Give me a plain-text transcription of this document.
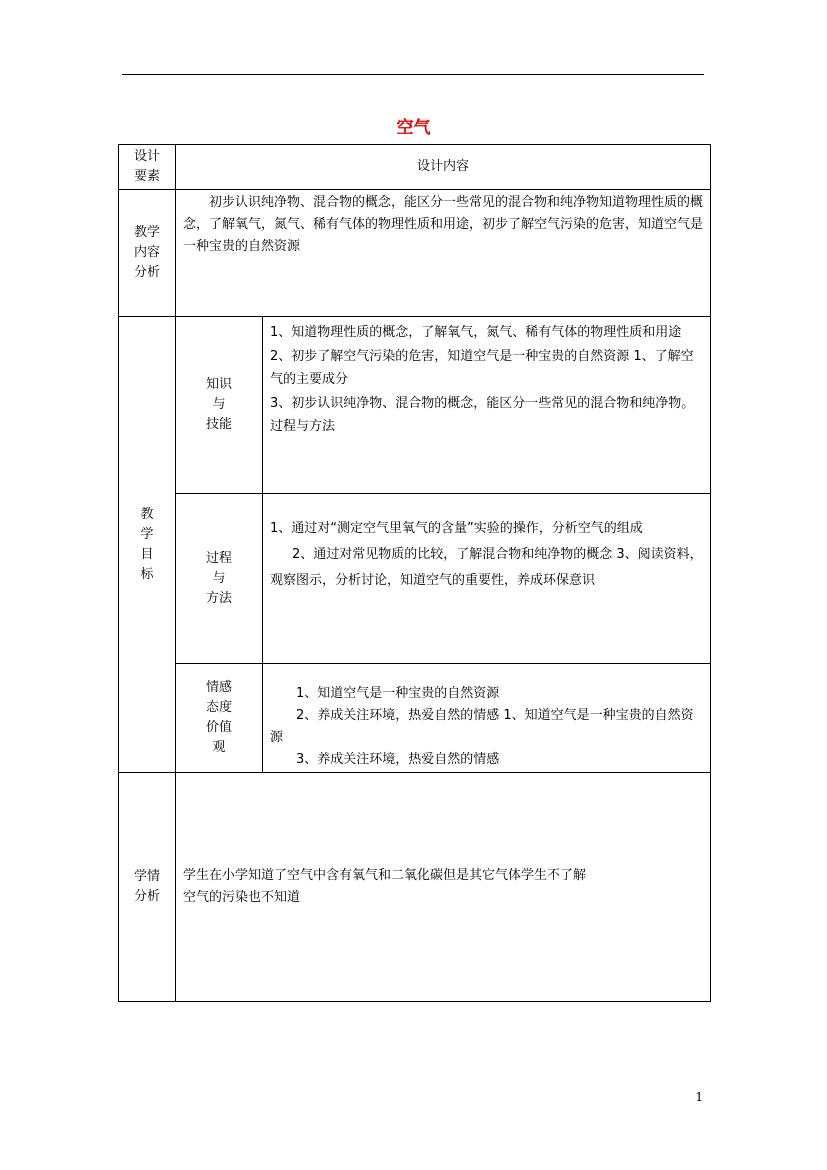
空气
设计
要素	设计内容	

教学
内容
分析	初步认识纯净物、混合物的概念，能区分一些常见的混合物和纯净物知道物理性质的概念，了解氧气，氮气、稀有气体的物理性质和用途，初步了解空气污染的危害，知道空气是一种宝贵的自然资源	

教
学
目
标	知识
与
技能	1、知道物理性质的概念，了解氧气，氮气、稀有气体的物理性质和用途
2、初步了解空气污染的危害，知道空气是一种宝贵的自然资源 1、了解空气的主要成分
3、初步认识纯净物、混合物的概念，能区分一些常见的混合物和纯净物。
过程与方法

	过程
与
方法	1、通过对“测定空气里氧气的含量”实验的操作，分析空气的组成
2、通过对常见物质的比较，了解混合物和纯净物的概念 3、阅读资料，观察图示，分析讨论，知道空气的重要性，养成环保意识

	情感
态度
价值
观	1、知道空气是一种宝贵的自然资源
2、养成关注环境，热爱自然的情感 1、知道空气是一种宝贵的自然资源
3、养成关注环境，热爱自然的情感

学情
分析	学生在小学知道了空气中含有氧气和二氧化碳但是其它气体学生不了解
空气的污染也不知道	
1
